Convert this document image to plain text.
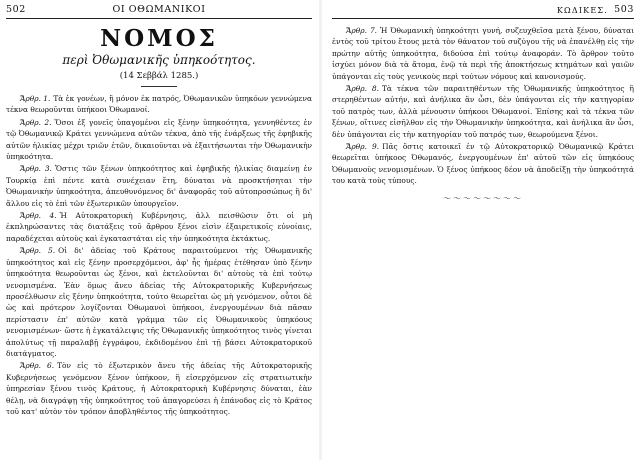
502	ΟΙ ΟΘΩΜΑΝΙΚΟΙ
ΝΟΜΟΣ
περὶ Ὀθωμανικῆς ὑπηκοότητος.
(14 Σεββάλ 1285.)

Ἄρθρ. 1. Τὰ ἐκ γονέων, ἢ μόνον ἐκ πατρός, Ὀθωμανικῶν ὑπηκόων γεννώμενα τέκνα θεωροῦνται ὑπήκοοι Ὀθωμανοί.

Ἄρθρ. 2. Ὅσοι ἐξ γονεῖς ὑπαγομένοι εἰς ξένην ὑπηκοότητα, γεννηθέντες ἐν τῷ Ὀθωμανικῷ Κράτει γεννώμενα αὐτῶν τέκνα, ἀπὸ τῆς ἐνάρξεως τῆς ἐφηβικῆς αὐτῶν ἡλικίας μέχρι τριῶν ἐτῶν, δικαιοῦνται νὰ ἐξαιτήσωνται τὴν Ὀθωμανικὴν ὑπηκοότητα.

Ἄρθρ. 3. Ὅστις τῶν ξένων ὑπηκοότητος καὶ ἐφηβικῆς ἡλικίας διαμείνῃ ἐν Τουρκίᾳ ἐπὶ πέντε κατὰ συνέχειαν ἔτη, δύναται νὰ προσκτήσηται τὴν Ὀθωμανικὴν ὑπηκοότητα, ἀπευθυνόμενος δι' ἀναφορᾶς τοῦ αὐτοπροσώπως ἢ δι' ἄλλου εἰς τὸ ἐπὶ τῶν ἐξωτερικῶν ὑπουργεῖον.

Ἄρθρ. 4. Ἡ Αὐτοκρατορικὴ Κυβέρνησις, ἀλλ πεισθῶσιν ὅτι οἱ μὴ ἐκπληρώσαντες τὰς διατάξεις τοῦ ἄρθρου ξένοι εἰσὶν ἐξαιρετικοῖς εὐνοίαις, παραδέχεται αὐτοὺς καὶ ἐγκαταστάται εἰς τὴν ὑπηκοότητα ἐκτάκτως.

Ἄρθρ. 5. Οἱ δι' ἀδείας τοῦ Κράτους παραιτούμενοι τὴς Ὀθωμανικῆς ὑπηκοότητος καὶ εἰς ξένην προσερχόμενοι, ἀφ' ἧς ἡμέρας ἐτέθησαν ὑπὸ ξένην ὑπηκοότητα θεωροῦνται ὡς ξένοι, καὶ ἐκτελοῦνται δι' αὐτοὺς τὰ ἐπὶ τούτῳ νενομισμένα. Ἐὰν ὅμως ἄνευ ἀδείας τῆς Αὐτοκρατορικῆς Κυβερνήσεως προσέλθωσιν εἰς ξένην ὑπηκοότητα, τούτο θεωρεῖται ὡς μὴ γενόμενον, οὗτοι δὲ ὡς καὶ πρότερον λογίζονται Ὀθωμανοὶ ὑπήκοοι, ἐνεργουμένων διὰ πᾶσαν περίστασιν ἐπ' αὐτῶν κατὰ γράμμα τῶν εἰς Ὀθωμανικοὺς ὑπηκόους νενομισμένων· ὥστε ἡ ἐγκατάλειψις τῆς Ὀθωμανικῆς ὑπηκοότητος τινὸς γίνεται ἀπολύτως τῇ παραλαβῇ ἐγγράφου, ἐκδιδομένου ἐπὶ τῇ βάσει Αὐτοκρατορικοῦ διατάγματος.

Ἄρθρ. 6. Τὸν εἰς τὸ ἐξωτερικὸν ἄνευ τῆς ἀδείας τῆς Αὐτοκρατορικῆς Κυβερνήσεως γενόμενον ξένον ὑπήκοον, ἢ εἰσερχόμενον εἰς στρατιωτικὴν ὑπηρεσίαν ξένου τινὸς Κράτους, ἡ Αὐτοκρατορικὴ Κυβέρνησις δύναται, ἐὰν θέλῃ, νὰ διαγράψῃ τῆς ὑπηκοότητος τοῦ ἀπαγορεύσει ἡ ἐπάνοδος εἰς τὸ Κράτος τοῦ κατ' αὐτὸν τὸν τρόπον ἀποβληθέντος τῆς ὑπηκοότητος.

ΚΩΔΙΚΕΣ. 503

Ἄρθρ. 7. Ἡ Ὀθωμανικὴ ὑπηκοότητι γυνή, συζευχθεῖσα μετὰ ξένου, δύναται ἐντὸς τοῦ τρίτου ἔτους μετὰ τὸν θάνατον τοῦ συζύγου τῆς νὰ ἐπανέλθῃ εἰς τὴν πρώτην αὐτῆς ὑπηκοότητα, διδούσα ἐπὶ τούτῳ ἀναφοράν. Τὸ ἄρθρον τοῦτο ἰσχύει μόνον διὰ τὰ ἄτομα, ἐνῷ τὰ περὶ τῆς ἀποκτήσεως κτημάτων καὶ γαιῶν ὑπάγονται εἰς τοὺς γενικοὺς περὶ τούτων νόμους καὶ κανονισμούς.

Ἄρθρ. 8. Τὰ τέκνα τῶν παραιτηθέντων τῆς Ὀθωμανικῆς ὑπηκοότητος ἢ στερηθέντων αὐτήν, καὶ ἀνήλικα ἂν ὦσι, δὲν ὑπάγονται εἰς τὴν κατηγορίαν τοῦ πατρὸς των, ἀλλὰ μένουσιν ὑπήκοοι Ὀθωμανοί. Ἐπίσης καὶ τὰ τέκνα τῶν ξένων, οἵτινες εἰσῆλθον εἰς τὴν Ὀθωμανικὴν ὑπηκοότητα, καὶ ἀνήλικα ἂν ὦσι, δὲν ὑπάγονται εἰς τὴν κατηγορίαν τοῦ πατρός των, θεωρούμενα ξένοι.

Ἄρθρ. 9. Πᾶς ὅστις κατοικεῖ ἐν τῷ Αὐτοκρατορικῷ Ὀθωμανικῷ Κράτει θεωρεῖται ὑπήκοος Ὀθωμανός, ἐνεργουμένων ἐπ' αὐτοῦ τῶν εἰς ὑπηκόους Ὀθωμανοὺς νενομισμένων. Ὁ ξένος ὑπήκοος δέον νὰ ἀποδείξῃ τὴν ὑπηκοότητά του κατὰ τοὺς τύπους.

〜〜〜〜〜〜〜〜
